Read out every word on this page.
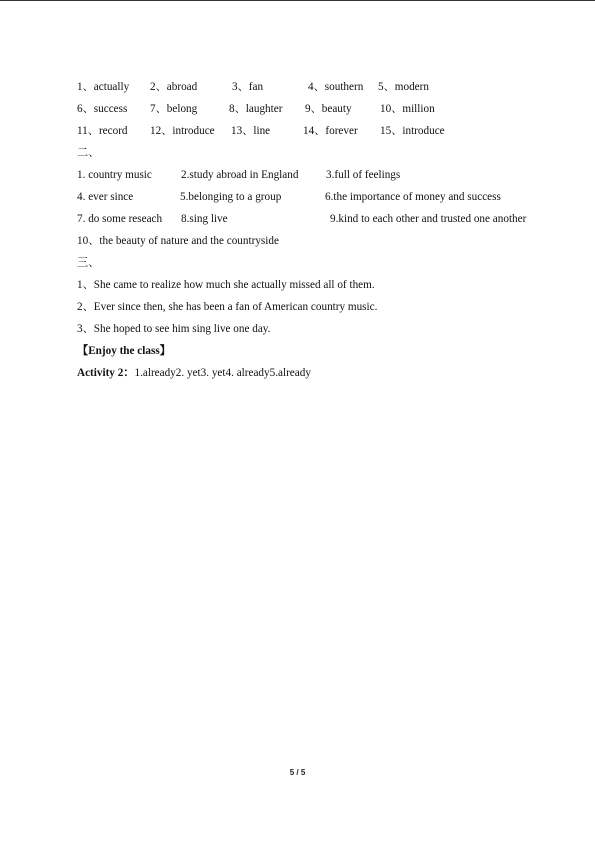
1、actually 2、abroad	3、fan	4、southern 5、modern
6、success 7、belong	8、laughter 9、beauty	10、million
11、record 12、introduce 13、line	14、forever 15、introduce
二、
1. country music	2.study abroad in England 3.full of feelings
4. ever since	5.belonging to a group	6.the importance of money and success
7. do some reseach 8.sing live	9.kind to each other and trusted one another
10、the beauty of nature and the countryside
三、
1、She came to realize how much she actually missed all of them.
2、Ever since then, she has been a fan of American country music.
3、She hoped to see him sing live one day.
【Enjoy the class】
Activity 2：1.already2. yet3. yet4. already5.already
5 / 5
